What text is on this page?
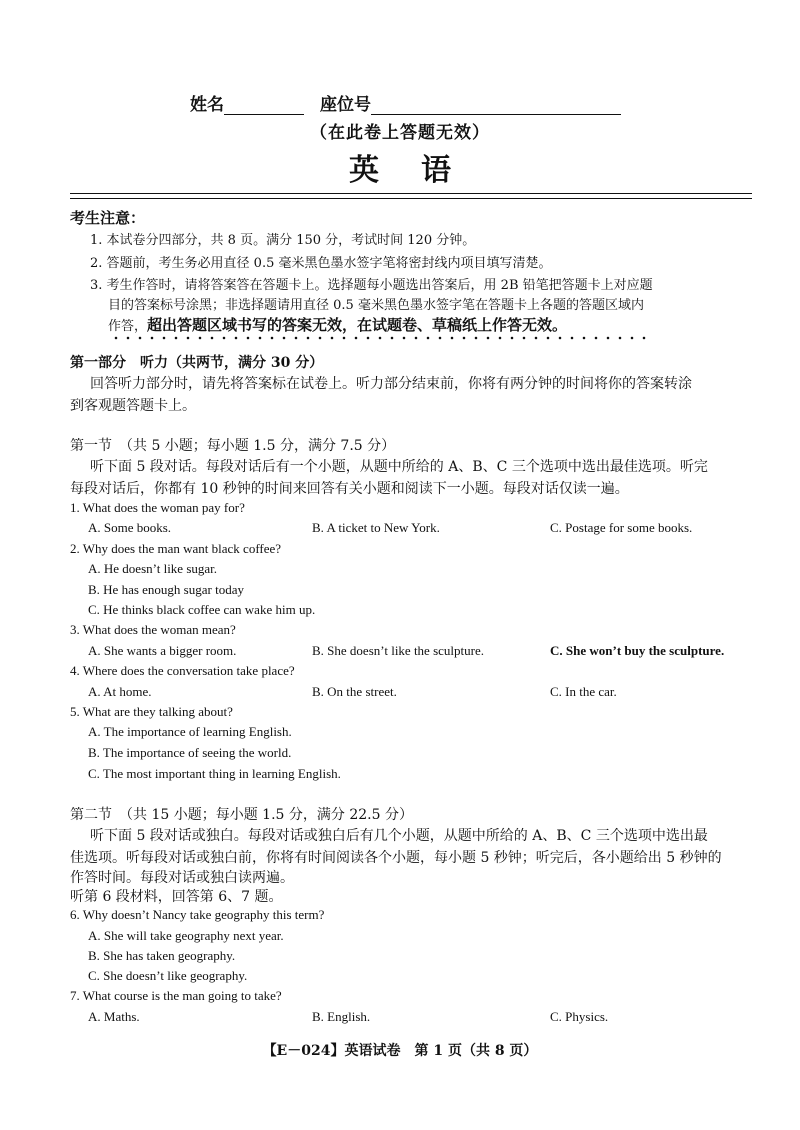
姓名	座位号
（在此卷上答题无效）
英语
考生注意：
1. 本试卷分四部分，共 8 页。满分 150 分，考试时间 120 分钟。
2. 答题前，考生务必用直径 0.5 毫米黑色墨水签字笔将密封线内项目填写清楚。
3. 考生作答时，请将答案答在答题卡上。选择题每小题选出答案后，用 2B 铅笔把答题卡上对应题
目的答案标号涂黑；非选择题请用直径 0.5 毫米黑色墨水签字笔在答题卡上各题的答题区域内
作答，超出答题区域书写的答案无效，在试题卷、草稿纸上作答无效。
第一部分　听力（共两节，满分 30 分）
回答听力部分时，请先将答案标在试卷上。听力部分结束前，你将有两分钟的时间将你的答案转涂
到客观题答题卡上。
第一节　（共 5 小题；每小题 1.5 分，满分 7.5 分）
听下面 5 段对话。每段对话后有一个小题，从题中所给的 A、B、C 三个选项中选出最佳选项。听完
每段对话后，你都有 10 秒钟的时间来回答有关小题和阅读下一小题。每段对话仅读一遍。
1. What does the woman pay for?
A. Some books.	B. A ticket to New York.	C. Postage for some books.
2. Why does the man want black coffee?
A. He doesn’t like sugar.
B. He has enough sugar today
C. He thinks black coffee can wake him up.
3. What does the woman mean?
A. She wants a bigger room.	B. She doesn’t like the sculpture.	C. She won’t buy the sculpture.
4. Where does the conversation take place?
A. At home.	B. On the street.	C. In the car.
5. What are they talking about?
A. The importance of learning English.
B. The importance of seeing the world.
C. The most important thing in learning English.
第二节　（共 15 小题；每小题 1.5 分，满分 22.5 分）
听下面 5 段对话或独白。每段对话或独白后有几个小题，从题中所给的 A、B、C 三个选项中选出最
佳选项。听每段对话或独白前，你将有时间阅读各个小题，每小题 5 秒钟；听完后，各小题给出 5 秒钟的
作答时间。每段对话或独白读两遍。
听第 6 段材料，回答第 6、7 题。
6. Why doesn’t Nancy take geography this term?
A. She will take geography next year.
B. She has taken geography.
C. She doesn’t like geography.
7. What course is the man going to take?
A. Maths.	B. English.	C. Physics.
【E－024】英语试卷　第 1 页（共 8 页）
